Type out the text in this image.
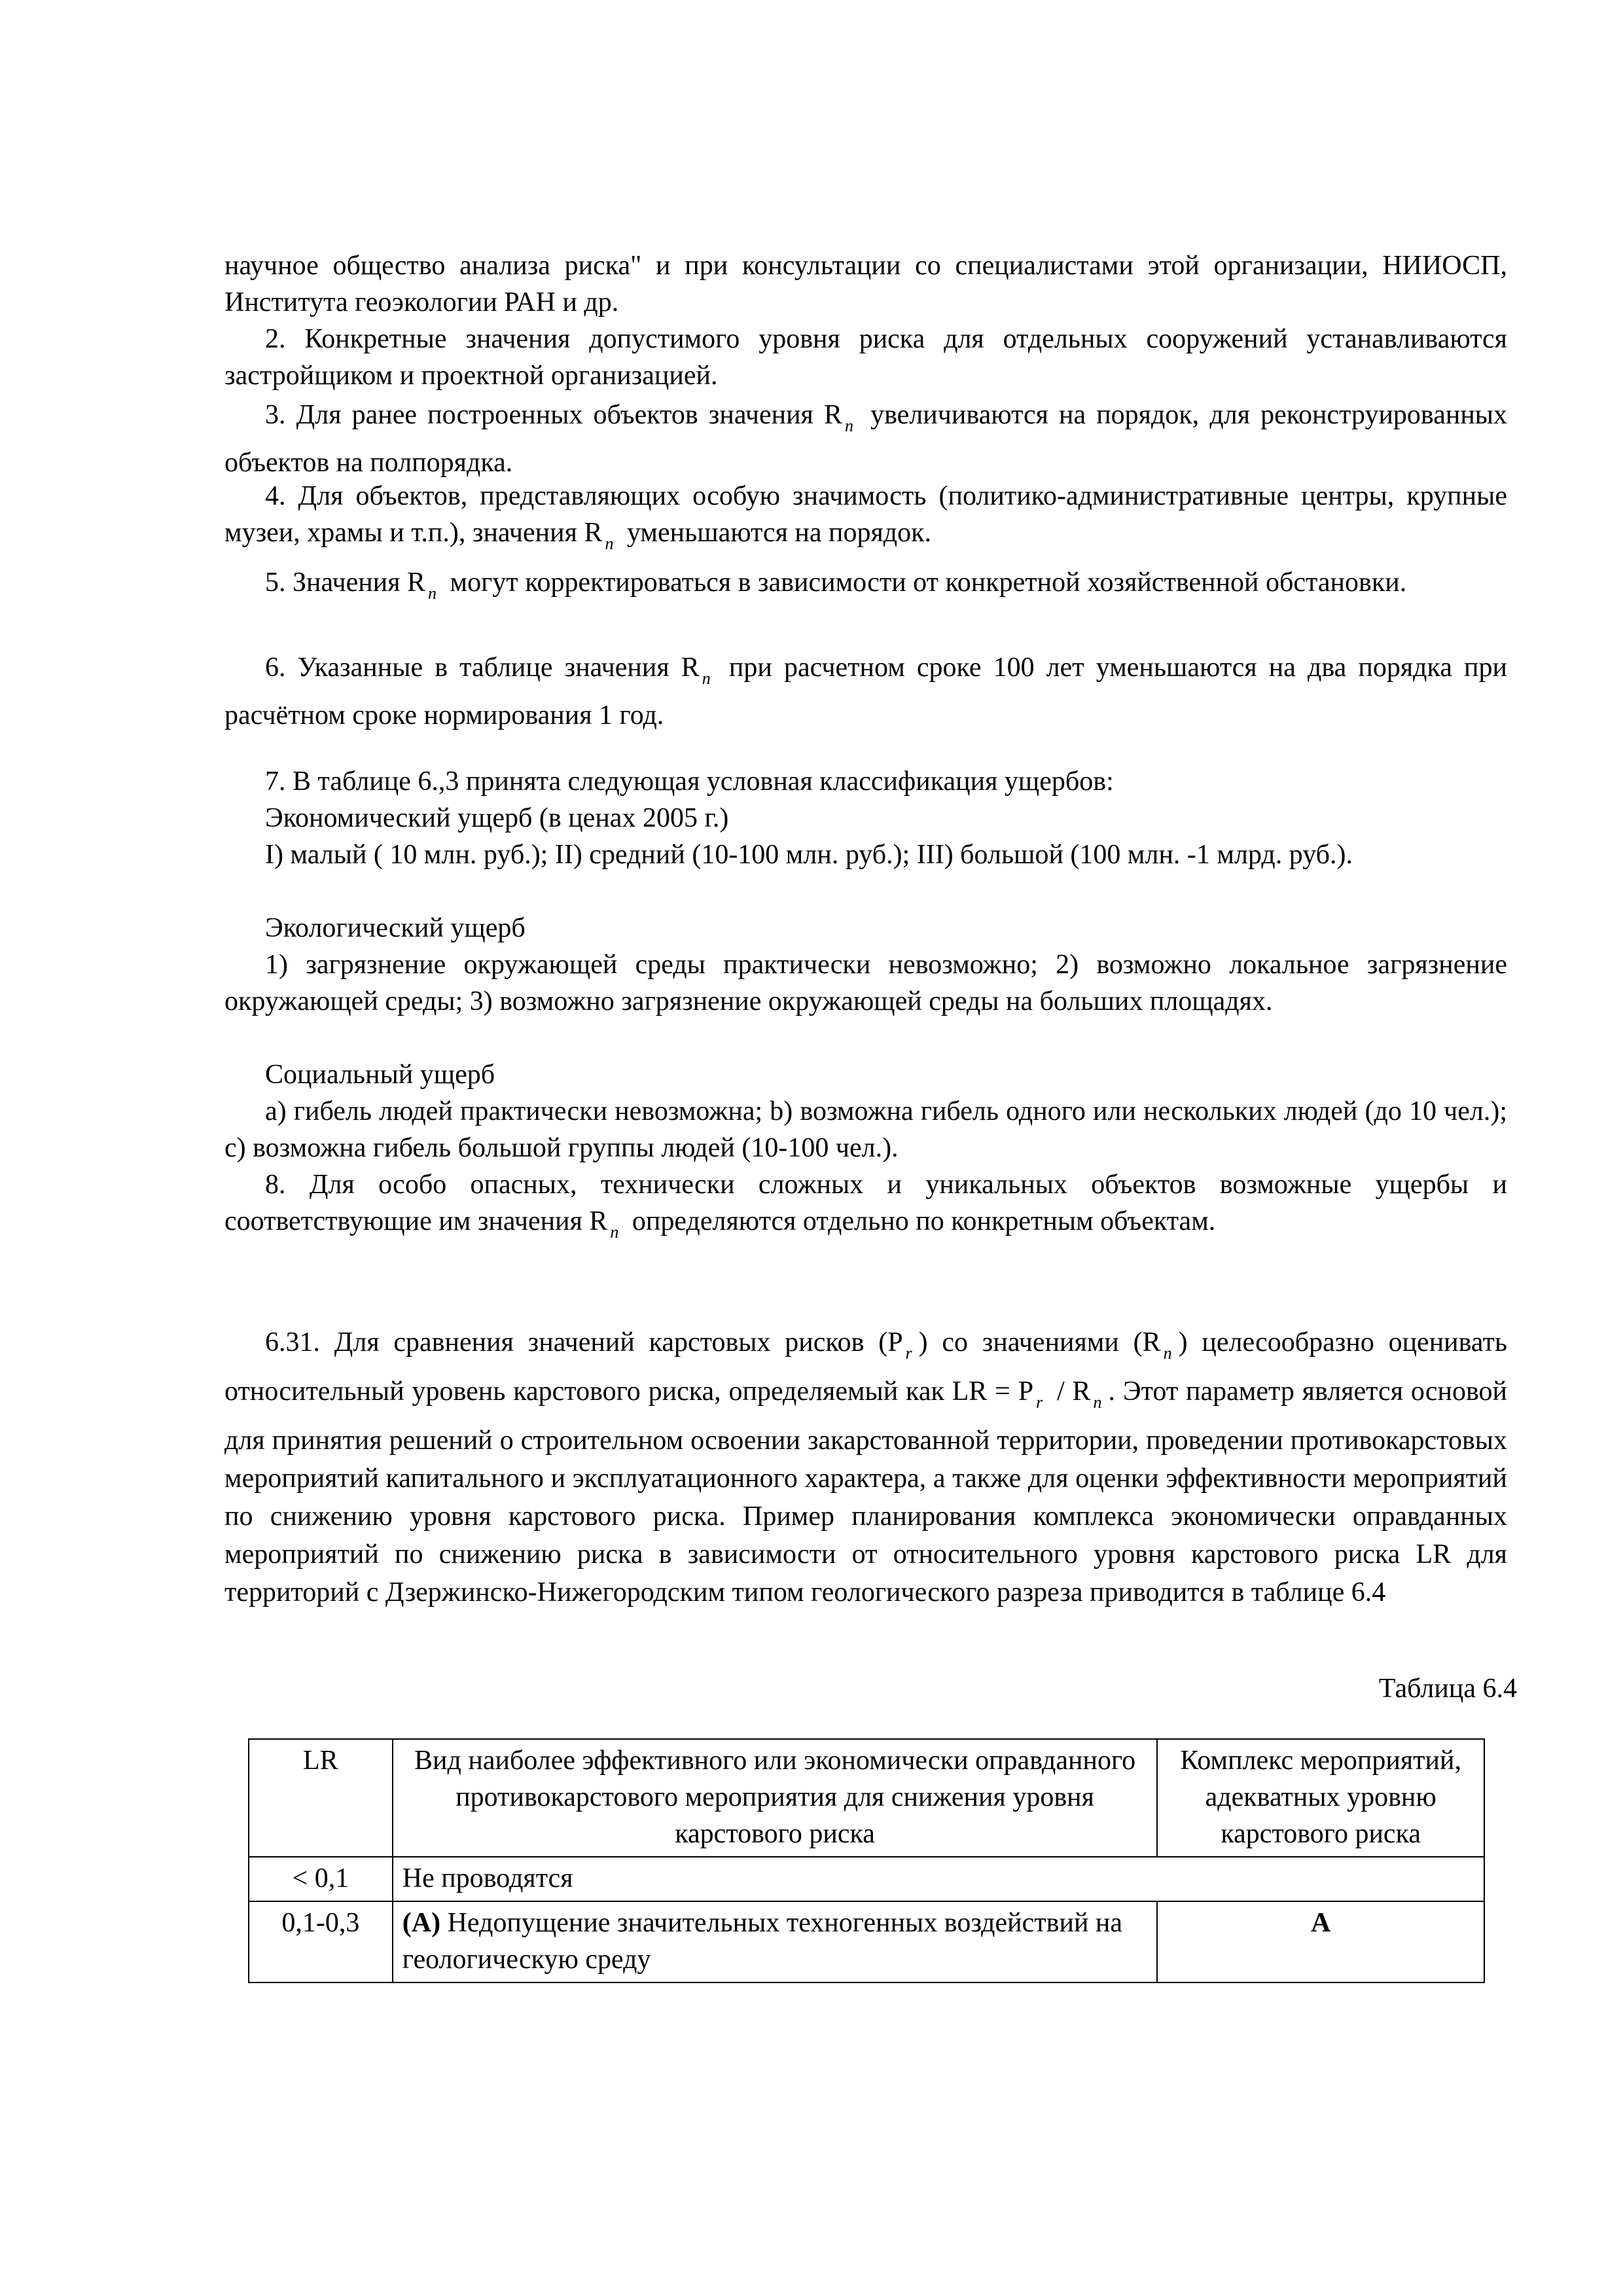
научное общество анализа риска" и при консультации со специалистами этой организации, НИИОСП, Института геоэкологии РАН и др.

2. Конкретные значения допустимого уровня риска для отдельных сооружений устанавливаются застройщиком и проектной организацией.

3. Для ранее построенных объектов значения R $_n$ увеличиваются на порядок, для реконструированных объектов на полпорядка.

4. Для объектов, представляющих особую значимость (политико-административные центры, крупные музеи, храмы и т.п.), значения R $_n$ уменьшаются на порядок.

5. Значения R $_n$ могут корректироваться в зависимости от конкретной хозяйственной обстановки.

6. Указанные в таблице значения R $_n$ при расчетном сроке 100 лет уменьшаются на два порядка при расчётном сроке нормирования 1 год.

7. В таблице 6.,3 принята следующая условная классификация ущербов:

Экономический ущерб (в ценах 2005 г.)

I) малый ( 10 млн. руб.); II) средний (10-100 млн. руб.); III) большой (100 млн. -1 млрд. руб.).

Экологический ущерб

1) загрязнение окружающей среды практически невозможно; 2) возможно локальное загрязнение окружающей среды; 3) возможно загрязнение окружающей среды на больших площадях.

Социальный ущерб

a) гибель людей практически невозможна; b) возможна гибель одного или нескольких людей (до 10 чел.); c) возможна гибель большой группы людей (10-100 чел.).

8. Для особо опасных, технически сложных и уникальных объектов возможные ущербы и соответствующие им значения R $_n$ определяются отдельно по конкретным объектам.

6.31. Для сравнения значений карстовых рисков (P $_r$ ) со значениями (R $_n$ ) целесообразно оценивать относительный уровень карстового риска, определяемый как LR = P $_r$ / R $_n$ . Этот параметр является основой для принятия решений о строительном освоении закарстованной территории, проведении противокарстовых мероприятий капитального и эксплуатационного характера, а также для оценки эффективности мероприятий по снижению уровня карстового риска. Пример планирования комплекса экономически оправданных мероприятий по снижению риска в зависимости от относительного уровня карстового риска LR для территорий с Дзержинско-Нижегородским типом геологического разреза приводится в таблице 6.4

Таблица 6.4
LR	Вид наиболее эффективного или экономически оправданного противокарстового мероприятия для снижения уровня карстового риска	Комплекс мероприятий, адекватных уровню карстового риска
< 0,1	Не проводятся	
0,1-0,3	(А) Недопущение значительных техногенных воздействий на геологическую среду	А
